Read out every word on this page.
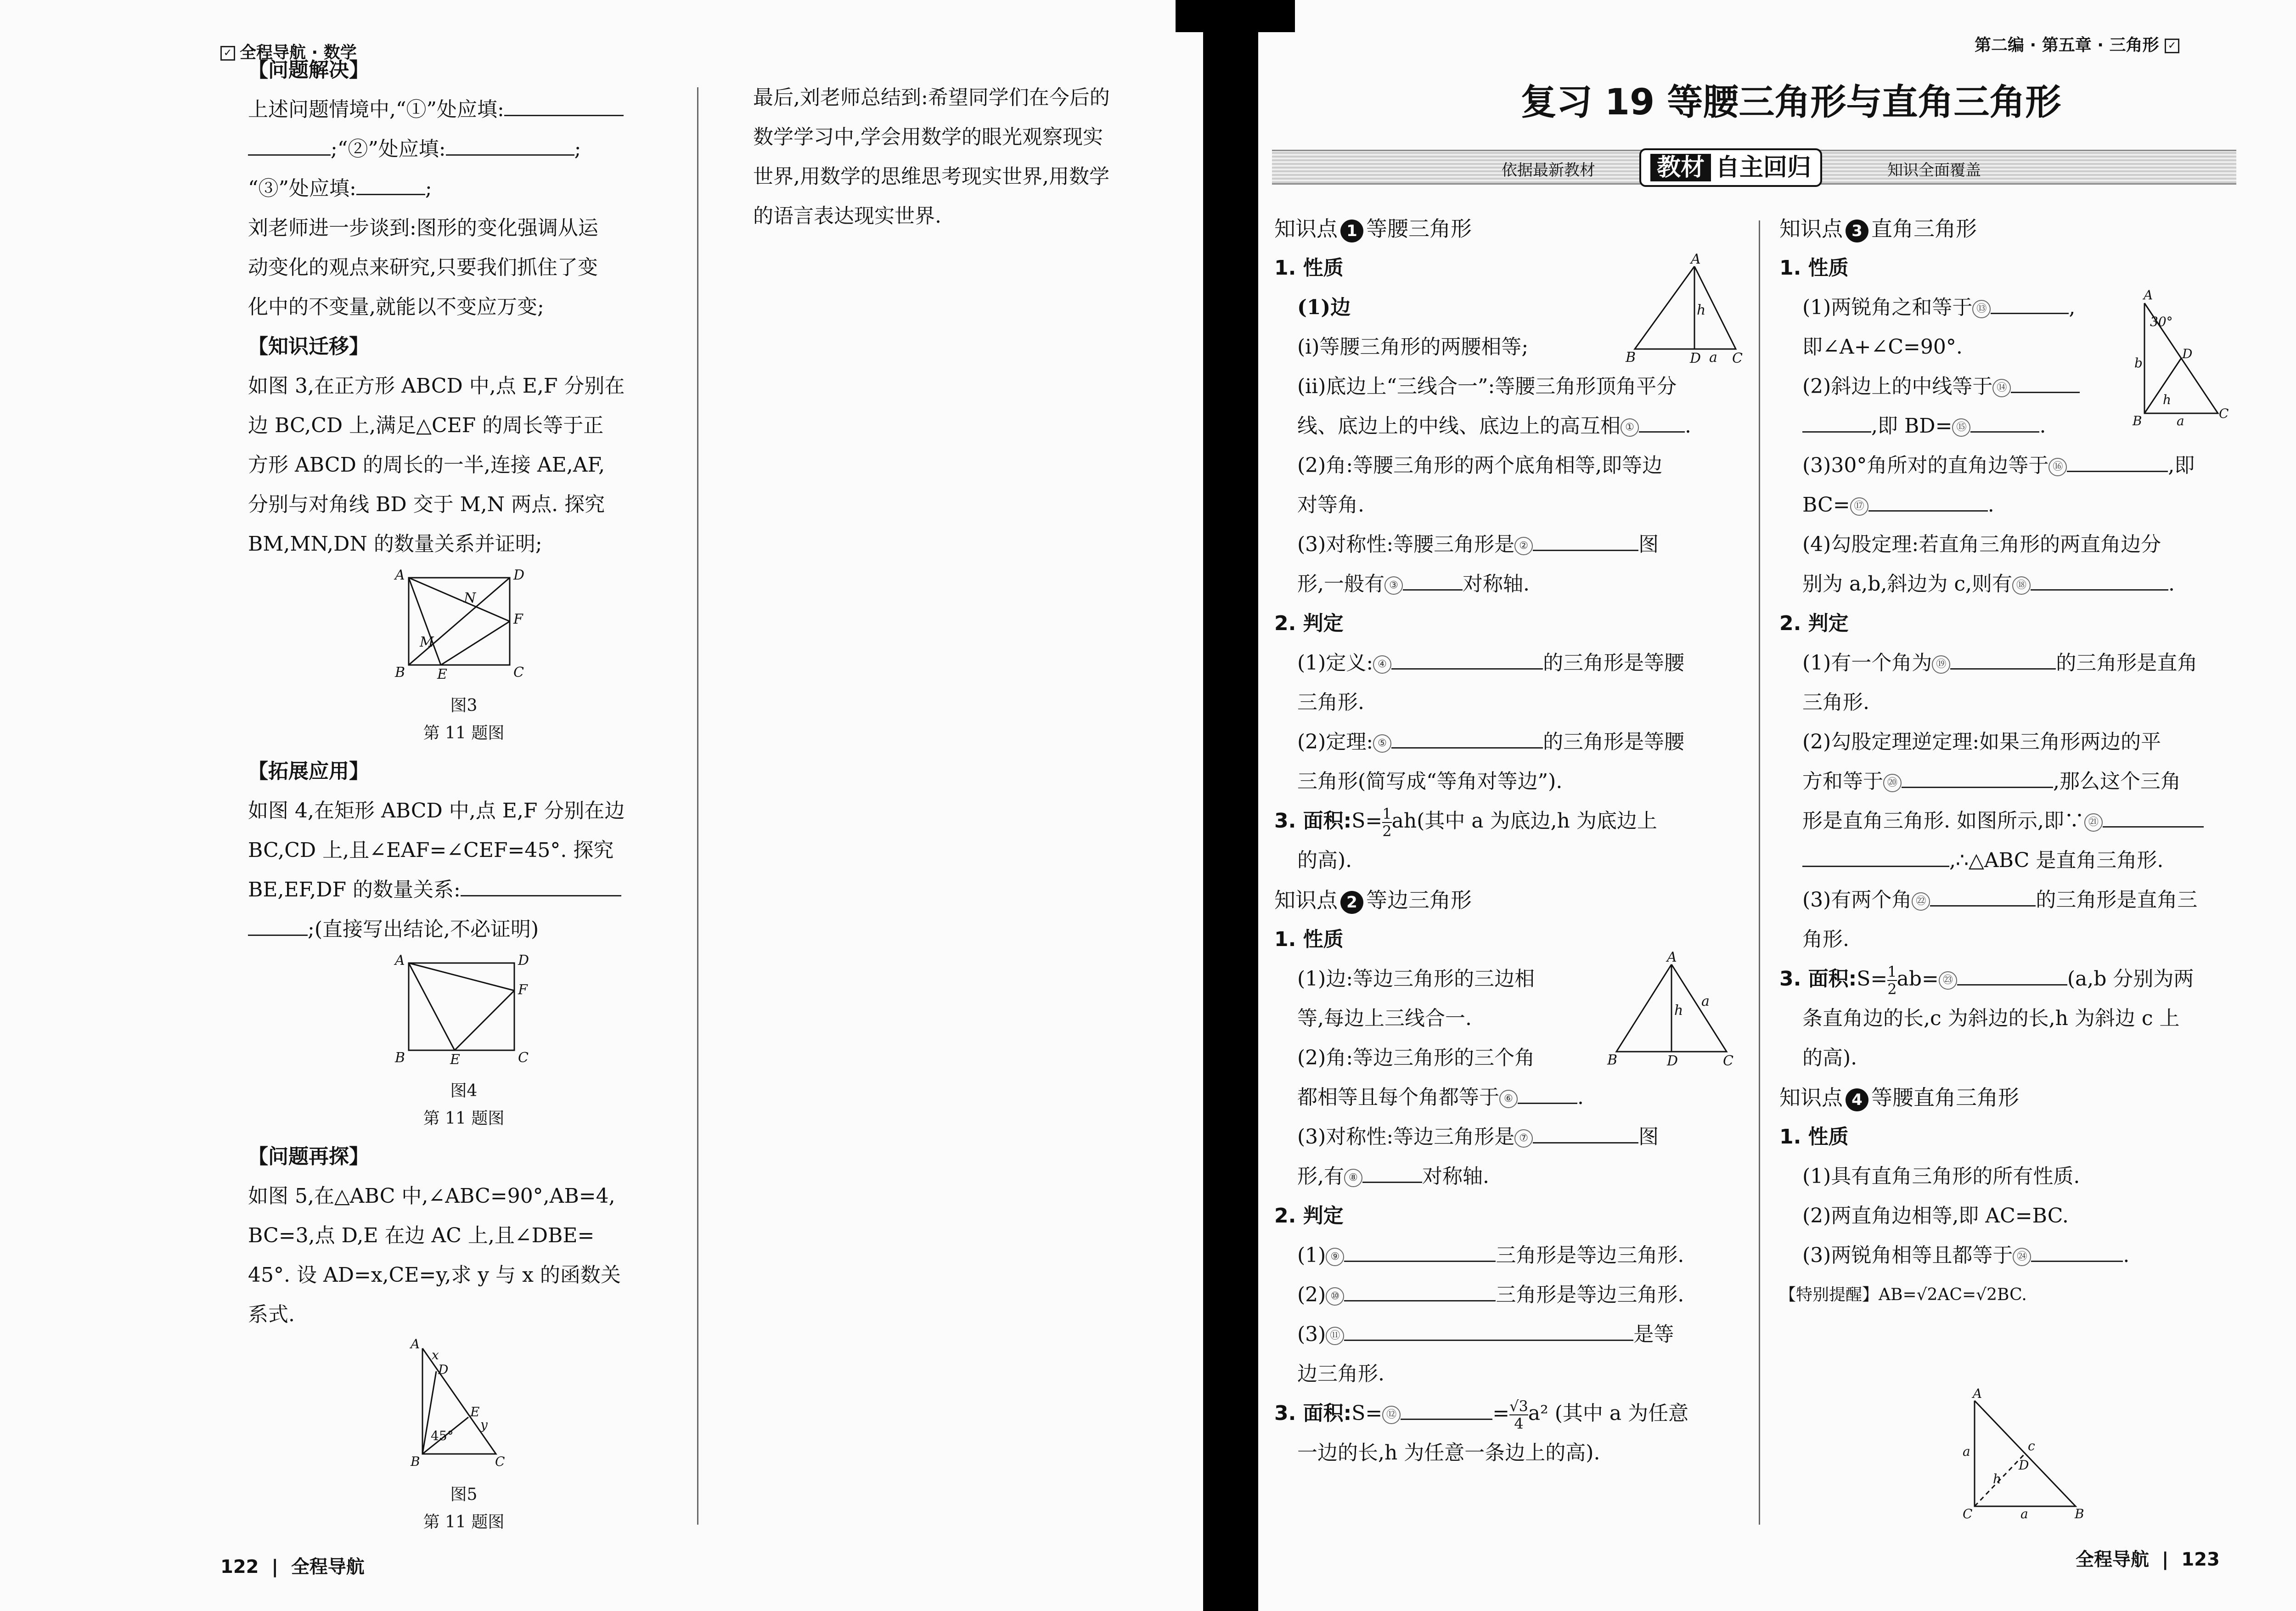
✓ 全程导航 · 数学	第二编 · 第五章 · 三角形 ✓

【问题解决】

上述问题情境中,“①”处应填:

;“②”处应填:	;

“③”处应填:	;

刘老师进一步谈到:图形的变化强调从运

动变化的观点来研究,只要我们抓住了变

化中的不变量,就能以不变应万变;

【知识迁移】

如图 3,在正方形 ABCD 中,点 E,F 分别在

边 BC,CD 上,满足△CEF 的周长等于正

方形 ABCD 的周长的一半,连接 AE,AF,

分别与对角线 BD 交于 M,N 两点. 探究

BM,MN,DN 的数量关系并证明;

A	D
B E	C
F
M
N
图3
第 11 题图

【拓展应用】

如图 4,在矩形 ABCD 中,点 E,F 分别在边

BC,CD 上,且∠EAF=∠CEF=45°. 探究

BE,EF,DF 的数量关系:

;(直接写出结论,不必证明)

A	D
B	E	C
F
图4
第 11 题图

【问题再探】

如图 5,在△ABC 中,∠ABC=90°,AB=4,

BC=3,点 D,E 在边 AC 上,且∠DBE=

45°. 设 AD=x,CE=y,求 y 与 x 的函数关

系式.

A
B	C
D
E
x
y
45°
图5
第 11 题图

最后,刘老师总结到:希望同学们在今后的

数学学习中,学会用数学的眼光观察现实

世界,用数学的思维思考现实世界,用数学

的语言表达现实世界.

复习 19 等腰三角形与直角三角形
依据最新教材	教材 自主回归	知识全面覆盖

知识点 1 等腰三角形

1. 性质

(1)边

(ⅰ)等腰三角形的两腰相等;

(ⅱ)底边上“三线合一”:等腰三角形顶角平分

线、底边上的中线、底边上的高互相 ①	.

(2)角:等腰三角形的两个底角相等,即等边

对等角.

(3)对称性:等腰三角形是 ②	图

形,一般有 ③	对称轴.

2. 判定

(1)定义: ④	的三角形是等腰

三角形.

(2)定理: ⑤	的三角形是等腰

三角形(简写成“等角对等边”).

3. 面积:S= $\frac{1}{2} ah$(其中 a 为底边,h 为底边上

的高).

知识点 2 等边三角形

1. 性质

(1)边:等边三角形的三边相

等,每边上三线合一.

(2)角:等边三角形的三个角

都相等且每个角都等于 ⑥	.

(3)对称性:等边三角形是 ⑦	图

形,有 ⑧	对称轴.

2. 判定

(1) ⑨	三角形是等边三角形.

(2) ⑩	三角形是等边三角形.

(3) ⑪	是等

边三角形.

3. 面积:S= ⑫	= $\frac{√3}{4} a^2$ (其中 a 为任意

一边的长,h 为任意一条边上的高).

知识点 3 直角三角形

1. 性质

(1)两锐角之和等于 ⑬	,

即∠A+∠C=90°.

(2)斜边上的中线等于 ⑭

,即 BD= ⑮	.

(3)30°角所对的直角边等于 ⑯	,即

BC= ⑰	.

(4)勾股定理:若直角三角形的两直角边分

别为 a,b,斜边为 c,则有 ⑱	.

2. 判定

(1)有一个角为 ⑲	的三角形是直角

三角形.

(2)勾股定理逆定理:如果三角形两边的平

方和等于 ⑳	,那么这个三角

形是直角三角形. 如图所示,即∵ ㉑

,∴△ABC 是直角三角形.

(3)有两个角 ㉒	的三角形是直角三

角形.

3. 面积:S= $\frac{1}{2} ab=$ ㉓	(a,b 分别为两

条直角边的长,c 为斜边的长,h 为斜边 c 上

的高).

知识点 4 等腰直角三角形

1. 性质

(1)具有直角三角形的所有性质.

(2)两直角边相等,即 AC=BC.

(3)两锐角相等且都等于 ㉔	.

【特别提醒】AB=√2AC=√2BC.

A
B	D C
h
a
A
B	D	C
h
a
A
B	C
D
b
a
h
30°
A
C	B
D
a
a
h
c
122  |  全程导航	全程导航  |  123
